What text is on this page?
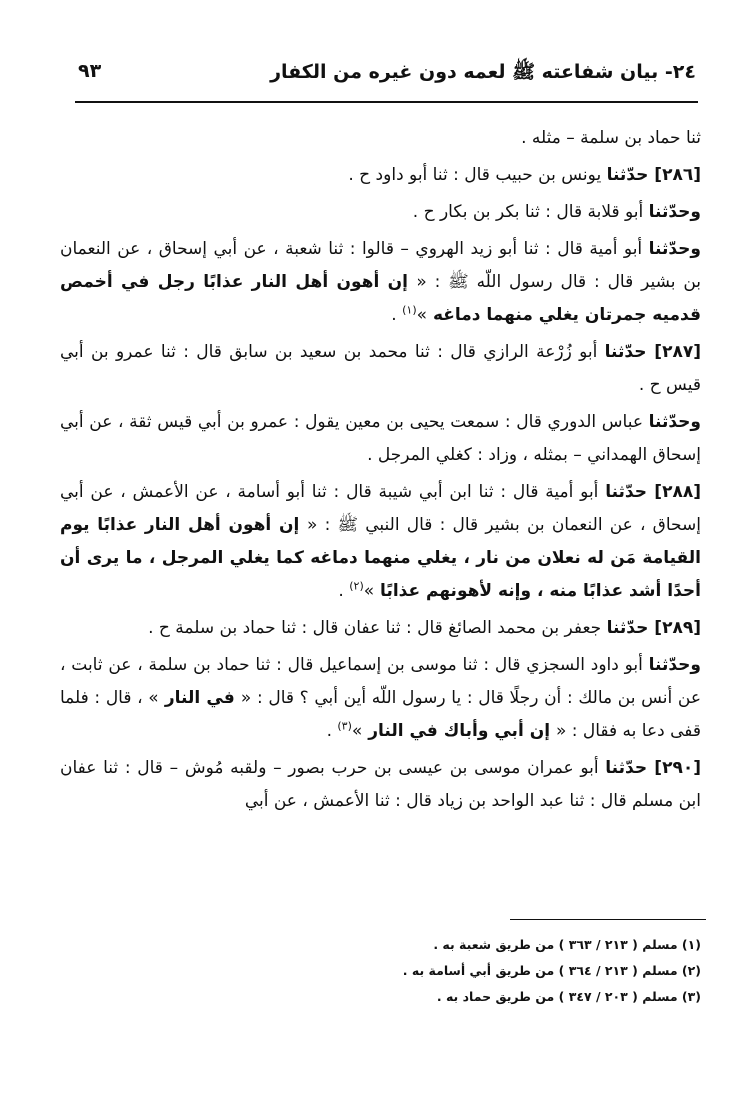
٢٤- بيان شفاعته ﷺ لعمه دون غيره من الكفار
٩٣

ثنا حماد بن سلمة – مثله .

[٢٨٦] حدّثنا يونس بن حبيب قال : ثنا أبو داود ح .

وحدّثنا أبو قلابة قال : ثنا بكر بن بكار ح .

وحدّثنا أبو أمية قال : ثنا أبو زيد الهروي – قالوا : ثنا شعبة ، عن أبي إسحاق ، عن النعمان بن بشير قال : قال رسول اللّه ﷺ : « إن أهون أهل النار عذابًا رجل في أخمص قدميه جمرتان يغلي منهما دماغه »$^{(١)}$ .

[٢٨٧] حدّثنا أبو زُرْعة الرازي قال : ثنا محمد بن سعيد بن سابق قال : ثنا عمرو بن أبي قيس ح .

وحدّثنا عباس الدوري قال : سمعت يحيى بن معين يقول : عمرو بن أبي قيس ثقة ، عن أبي إسحاق الهمداني – بمثله ، وزاد : كغلي المرجل .

[٢٨٨] حدّثنا أبو أمية قال : ثنا ابن أبي شيبة قال : ثنا أبو أسامة ، عن الأعمش ، عن أبي إسحاق ، عن النعمان بن بشير قال : قال النبي ﷺ : « إن أهون أهل النار عذابًا يوم القيامة مَن له نعلان من نار ، يغلي منهما دماغه كما يغلي المرجل ، ما يرى أن أحدًا أشد عذابًا منه ، وإنه لأهونهم عذابًا »$^{(٢)}$ .

[٢٨٩] حدّثنا جعفر بن محمد الصائغ قال : ثنا عفان قال : ثنا حماد بن سلمة ح .

وحدّثنا أبو داود السجزي قال : ثنا موسى بن إسماعيل قال : ثنا حماد بن سلمة ، عن ثابت ، عن أنس بن مالك : أن رجلًا قال : يا رسول اللّه أين أبي ؟ قال : « في النار » ، قال : فلما قفى دعا به فقال : « إن أبي وأباك في النار »$^{(٣)}$ .

[٢٩٠] حدّثنا أبو عمران موسى بن عيسى بن حرب بصور – ولقبه مُوش – قال : ثنا عفان ابن مسلم قال : ثنا عبد الواحد بن زياد قال : ثنا الأعمش ، عن أبي

(١) مسلم ( ٢١٣ / ٣٦٣ ) من طريق شعبة به .
(٢) مسلم ( ٢١٣ / ٣٦٤ ) من طريق أبي أسامة به .
(٣) مسلم ( ٢٠٣ / ٣٤٧ ) من طريق حماد به .
